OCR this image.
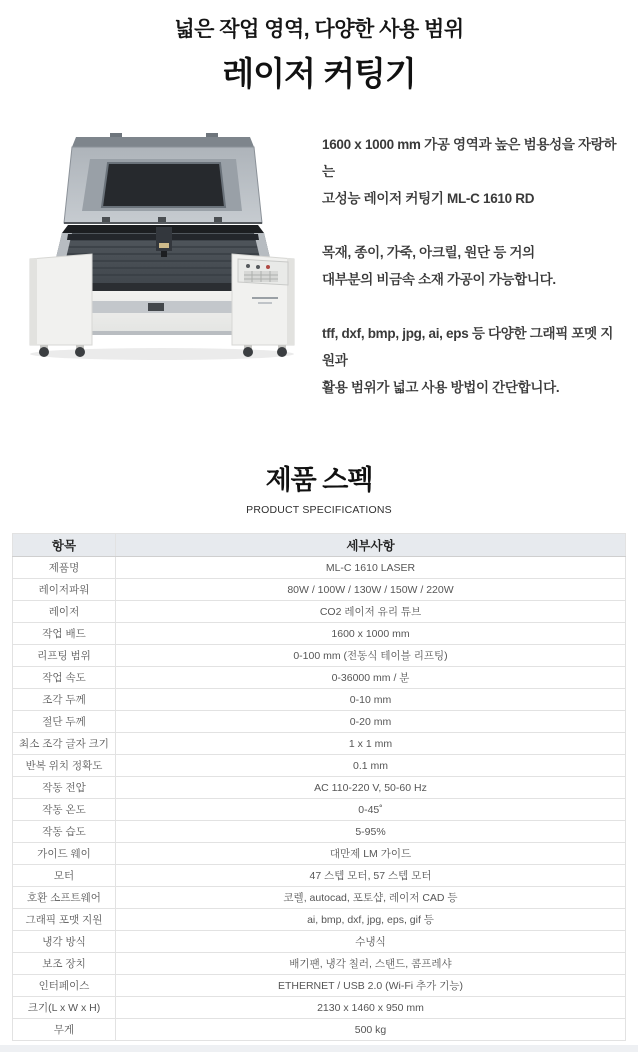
넓은 작업 영역, 다양한 사용 범위
레이저 커팅기
1600 x 1000 mm 가공 영역과 높은 범용성을 자랑하는
고성능 레이저 커팅기 ML-C 1610 RD
목재, 종이, 가죽, 아크릴, 원단 등 거의
대부분의 비금속 소재 가공이 가능합니다.
tff, dxf, bmp, jpg, ai, eps 등 다양한 그래픽 포멧 지원과
활용 범위가 넓고 사용 방법이 간단합니다.
제품 스펙
PRODUCT SPECIFICATIONS
항목	세부사항
제품명	ML-C 1610 LASER
레이저파워	80W / 100W / 130W / 150W / 220W
레이저	CO2 레이저 유리 튜브
작업 배드	1600 x 1000 mm
리프팅 범위	0-100 mm (전동식 테이블 리프팅)
작업 속도	0-36000 mm / 분
조각 두께	0-10 mm
절단 두께	0-20 mm
최소 조각 글자 크기	1 x 1 mm
반복 위치 정확도	0.1 mm
작동 전압	AC 110-220 V, 50-60 Hz
작동 온도	0-45˚
작동 습도	5-95%
가이드 웨이	대만제 LM 가이드
모터	47 스텝 모터, 57 스텝 모터
호환 소프트웨어	코렐, autocad, 포토샵, 레이저 CAD 등
그래픽 포맷 지원	ai, bmp, dxf, jpg, eps, gif 등
냉각 방식	수냉식
보조 장치	배기팬, 냉각 칠러, 스탠드, 콤프레샤
인터페이스	ETHERNET / USB 2.0 (Wi-Fi 추가 기능)
크기(L x W x H)	2130 x 1460 x 950 mm
무게	500 kg
